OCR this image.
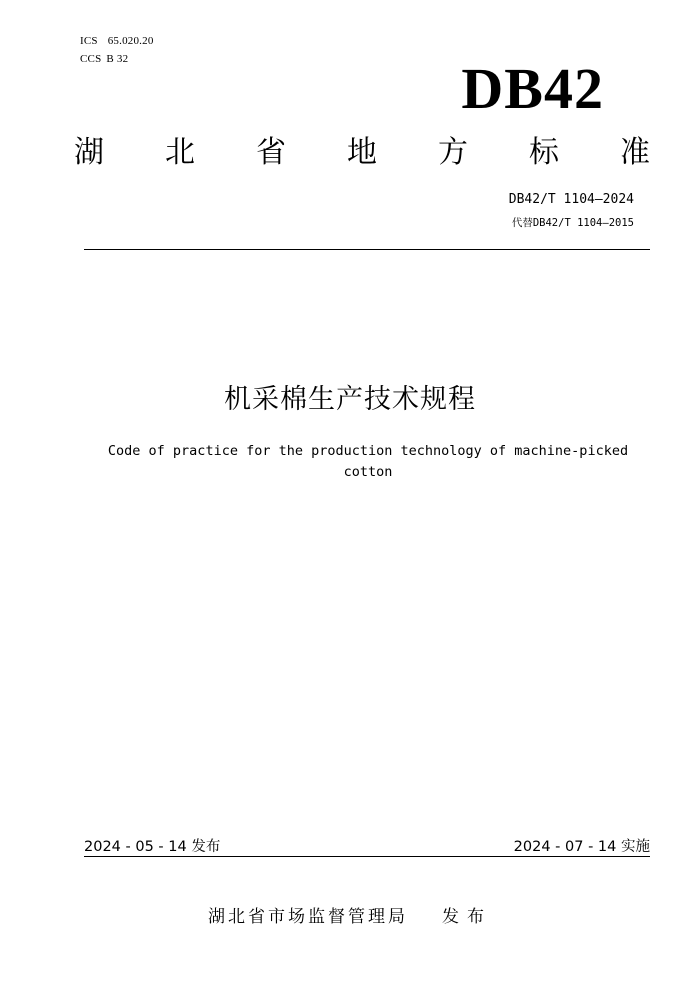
ICS 65.020.20
CCS B 32	DB42
湖 北 省 地 方 标 准
DB42/T 1104—2024
代替DB42/T 1104—2015
机采棉生产技术规程
Code of practice for the production technology of machine-picked cotton
2024 - 05 - 14 发布	2024 - 07 - 14 实施
湖北省市场监督管理局 发布
